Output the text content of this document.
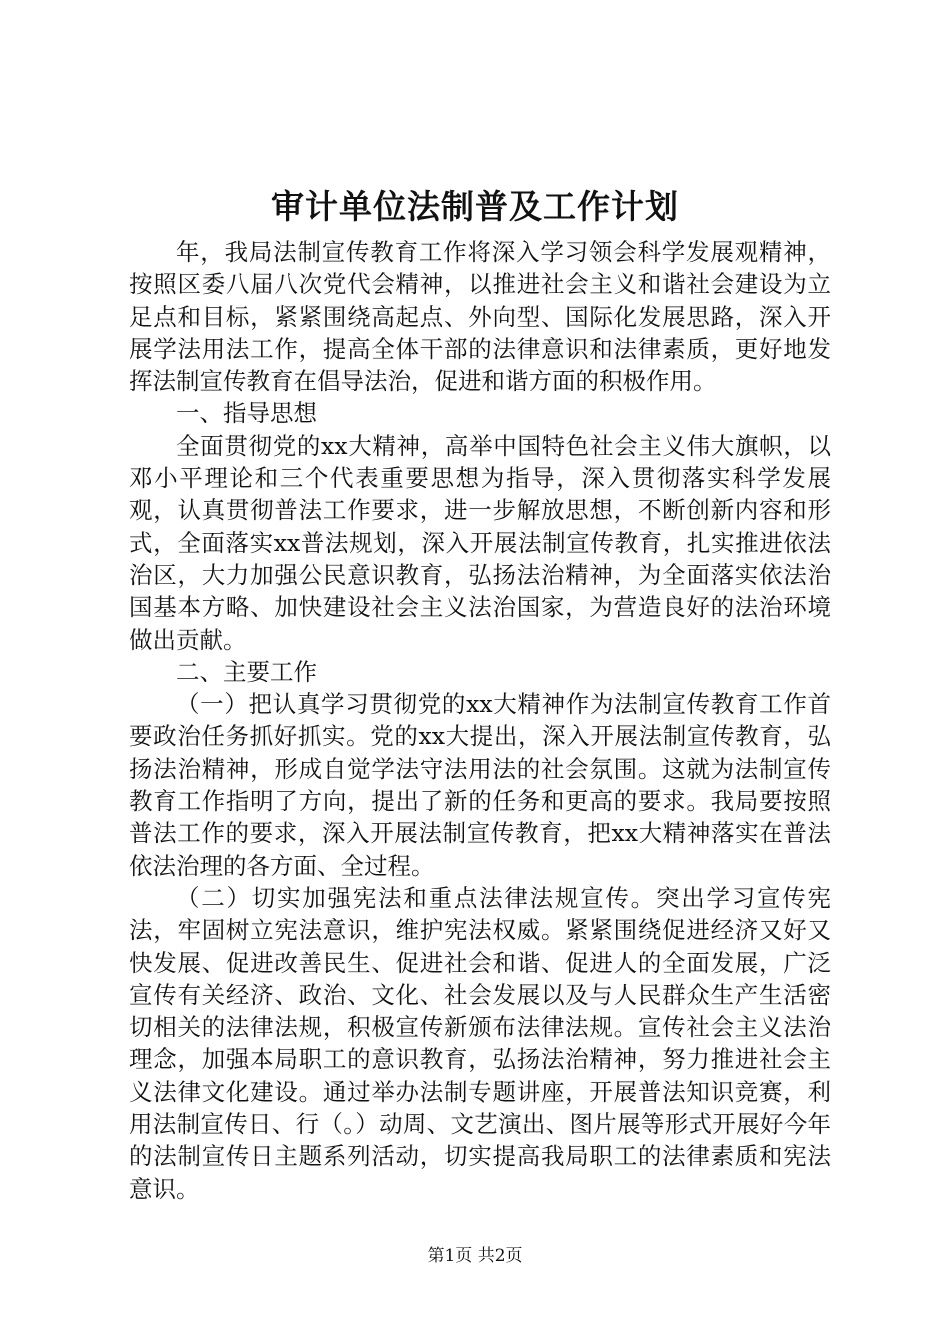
审计单位法制普及工作计划

年，我局法制宣传教育工作将深入学习领会科学发展观精神，按照区委八届八次党代会精神，以推进社会主义和谐社会建设为立足点和目标，紧紧围绕高起点、外向型、国际化发展思路，深入开展学法用法工作，提高全体干部的法律意识和法律素质，更好地发挥法制宣传教育在倡导法治，促进和谐方面的积极作用。

一、指导思想

全面贯彻党的xx大精神，高举中国特色社会主义伟大旗帜，以邓小平理论和三个代表重要思想为指导，深入贯彻落实科学发展观，认真贯彻普法工作要求，进一步解放思想，不断创新内容和形式，全面落实xx普法规划，深入开展法制宣传教育，扎实推进依法治区，大力加强公民意识教育，弘扬法治精神，为全面落实依法治国基本方略、加快建设社会主义法治国家，为营造良好的法治环境做出贡献。

二、主要工作

（一）把认真学习贯彻党的xx大精神作为法制宣传教育工作首要政治任务抓好抓实。党的xx大提出，深入开展法制宣传教育，弘扬法治精神，形成自觉学法守法用法的社会氛围。这就为法制宣传教育工作指明了方向，提出了新的任务和更高的要求。我局要按照普法工作的要求，深入开展法制宣传教育，把xx大精神落实在普法依法治理的各方面、全过程。

（二）切实加强宪法和重点法律法规宣传。突出学习宣传宪法，牢固树立宪法意识，维护宪法权威。紧紧围绕促进经济又好又快发展、促进改善民生、促进社会和谐、促进人的全面发展，广泛宣传有关经济、政治、文化、社会发展以及与人民群众生产生活密切相关的法律法规，积极宣传新颁布法律法规。宣传社会主义法治理念，加强本局职工的意识教育，弘扬法治精神，努力推进社会主义法律文化建设。通过举办法制专题讲座，开展普法知识竞赛，利用法制宣传日、行（。）动周、文艺演出、图片展等形式开展好今年的法制宣传日主题系列活动，切实提高我局职工的法律素质和宪法意识。

第1页 共2页
